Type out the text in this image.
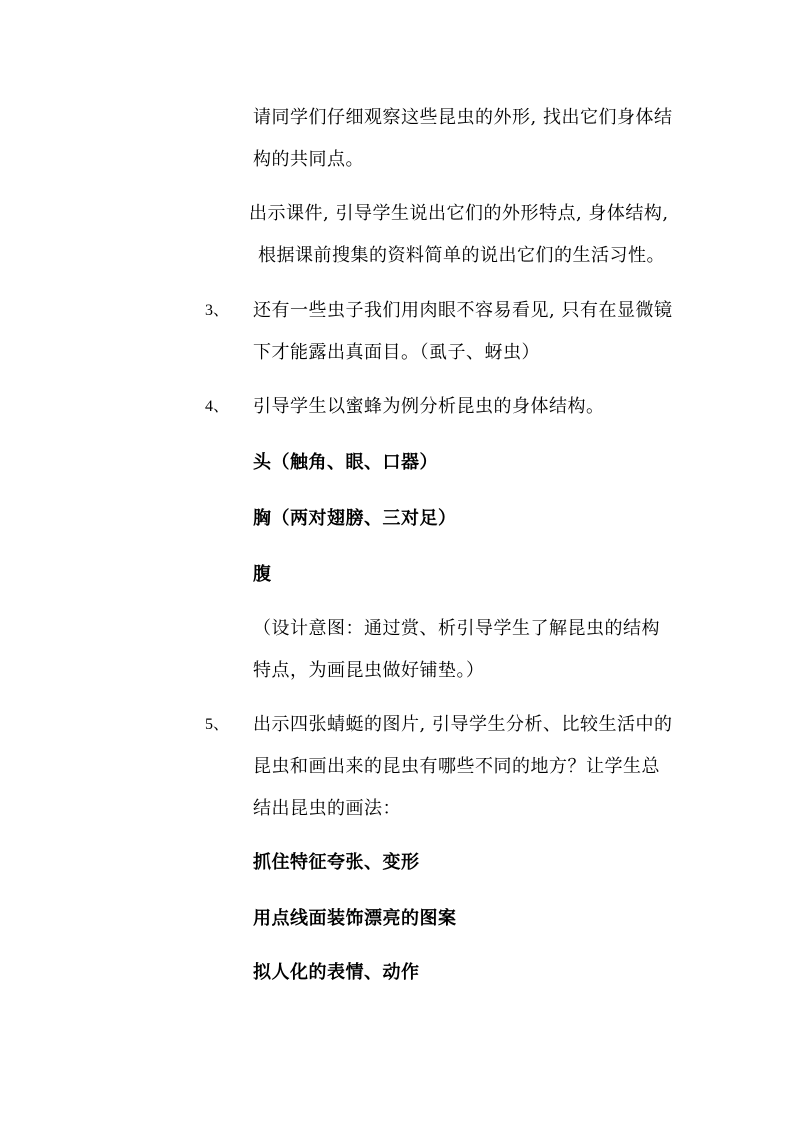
请同学们仔细观察这些昆虫的外形, 找出它们身体结
构的共同点。
出示课件, 引导学生说出它们的外形特点, 身体结构,
根据课前搜集的资料简单的说出它们的生活习性。
3、 还有一些虫子我们用肉眼不容易看见, 只有在显微镜
下才能露出真面目。（虱子、蚜虫）
4、 引导学生以蜜蜂为例分析昆虫的身体结构。
头（触角、眼、口器）
胸（两对翅膀、三对足）
腹
（设计意图：通过赏、析引导学生了解昆虫的结构
特点，为画昆虫做好铺垫。）
5、 出示四张蜻蜓的图片, 引导学生分析、比较生活中的
昆虫和画出来的昆虫有哪些不同的地方？让学生总
结出昆虫的画法：
抓住特征夸张、变形
用点线面装饰漂亮的图案
拟人化的表情、动作
